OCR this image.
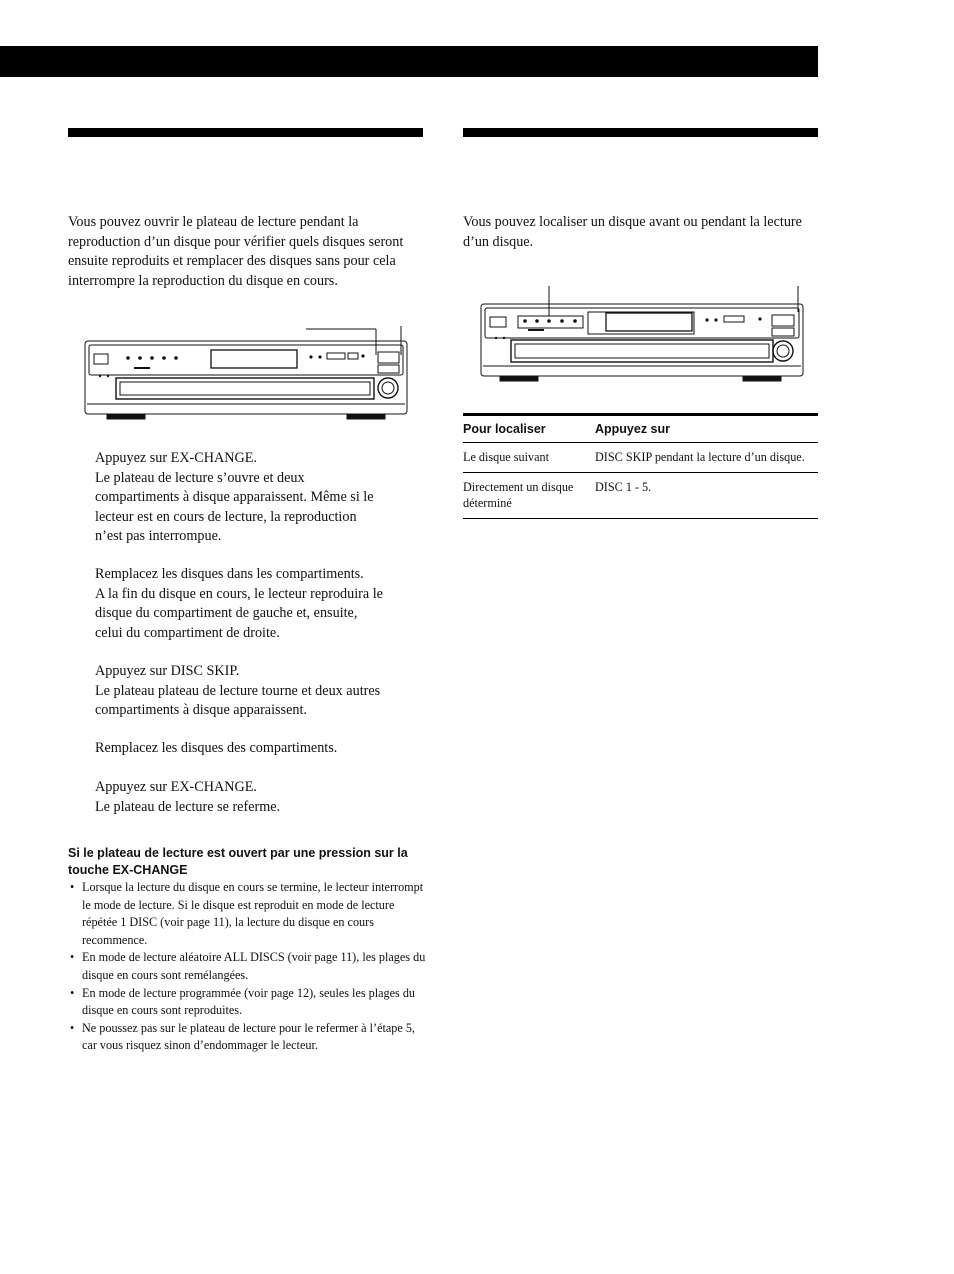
Vous pouvez ouvrir le plateau de lecture pendant la reproduction d’un disque pour vérifier quels disques seront ensuite reproduits et remplacer des disques sans pour cela interrompre la reproduction du disque en cours.

Appuyez sur EX-CHANGE.
Le plateau de lecture s’ouvre et deux
compartiments à disque apparaissent. Même si le
lecteur est en cours de lecture, la reproduction
n’est pas interrompue.
Remplacez les disques dans les compartiments.
A la fin du disque en cours, le lecteur reproduira le
disque du compartiment de gauche et, ensuite,
celui du compartiment de droite.
Appuyez sur DISC SKIP.
Le plateau plateau de lecture tourne et deux autres
compartiments à disque apparaissent.
Remplacez les disques des compartiments.
Appuyez sur EX-CHANGE.
Le plateau de lecture se referme.

Si le plateau de lecture est ouvert par une pression sur la touche EX-CHANGE

• Lorsque la lecture du disque en cours se termine, le lecteur interrompt le mode de lecture. Si le disque est reproduit en mode de lecture répétée 1 DISC (voir page 11), la lecture du disque en cours recommence.
• En mode de lecture aléatoire ALL DISCS (voir page 11), les plages du disque en cours sont remélangées.
• En mode de lecture programmée (voir page 12), seules les plages du disque en cours sont reproduites.
• Ne poussez pas sur le plateau de lecture pour le refermer à l’étape 5, car vous risquez sinon d’endommager le lecteur.

Vous pouvez localiser un disque avant ou pendant la lecture d’un disque.

Pour localiser	Appuyez sur
Le disque suivant	DISC SKIP pendant la lecture d’un disque.
Directement un disque déterminé	DISC 1 - 5.
